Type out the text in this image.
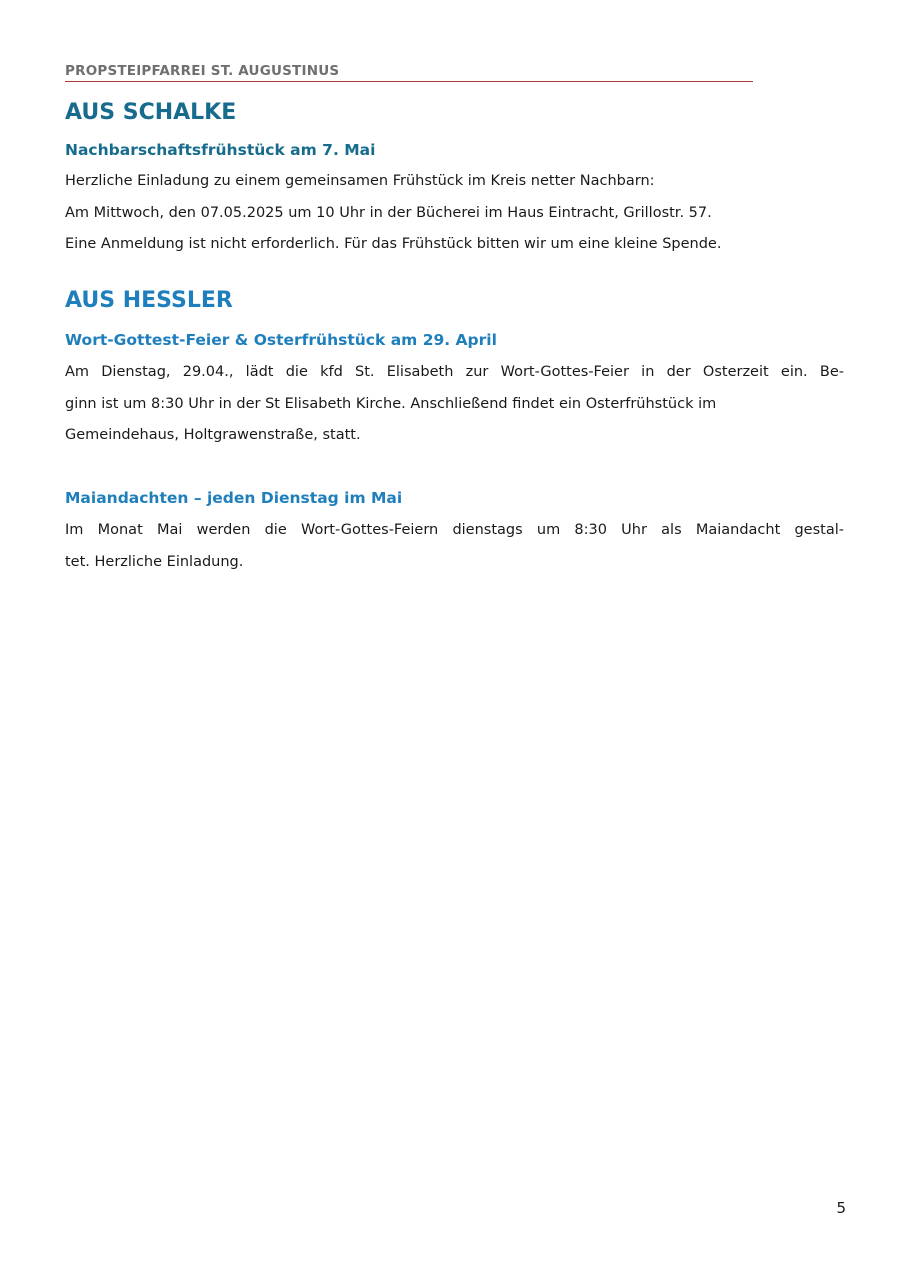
PROPSTEIPFARREI ST. AUGUSTINUS
AUS SCHALKE
Nachbarschaftsfrühstück am 7. Mai
Herzliche Einladung zu einem gemeinsamen Frühstück im Kreis netter Nachbarn:
Am Mittwoch, den 07.05.2025 um 10 Uhr in der Bücherei im Haus Eintracht, Grillostr. 57.
Eine Anmeldung ist nicht erforderlich. Für das Frühstück bitten wir um eine kleine Spende.
AUS HESSLER
Wort-Gottest-Feier & Osterfrühstück am 29. April
Am Dienstag, 29.04., lädt die kfd St. Elisabeth zur Wort-Gottes-Feier in der Osterzeit ein. Be-
ginn ist um 8:30 Uhr in der St Elisabeth Kirche. Anschließend findet ein Osterfrühstück im
Gemeindehaus, Holtgrawenstraße, statt.
Maiandachten – jeden Dienstag im Mai
Im Monat Mai werden die Wort-Gottes-Feiern dienstags um 8:30 Uhr als Maiandacht gestal-
tet. Herzliche Einladung.
5
